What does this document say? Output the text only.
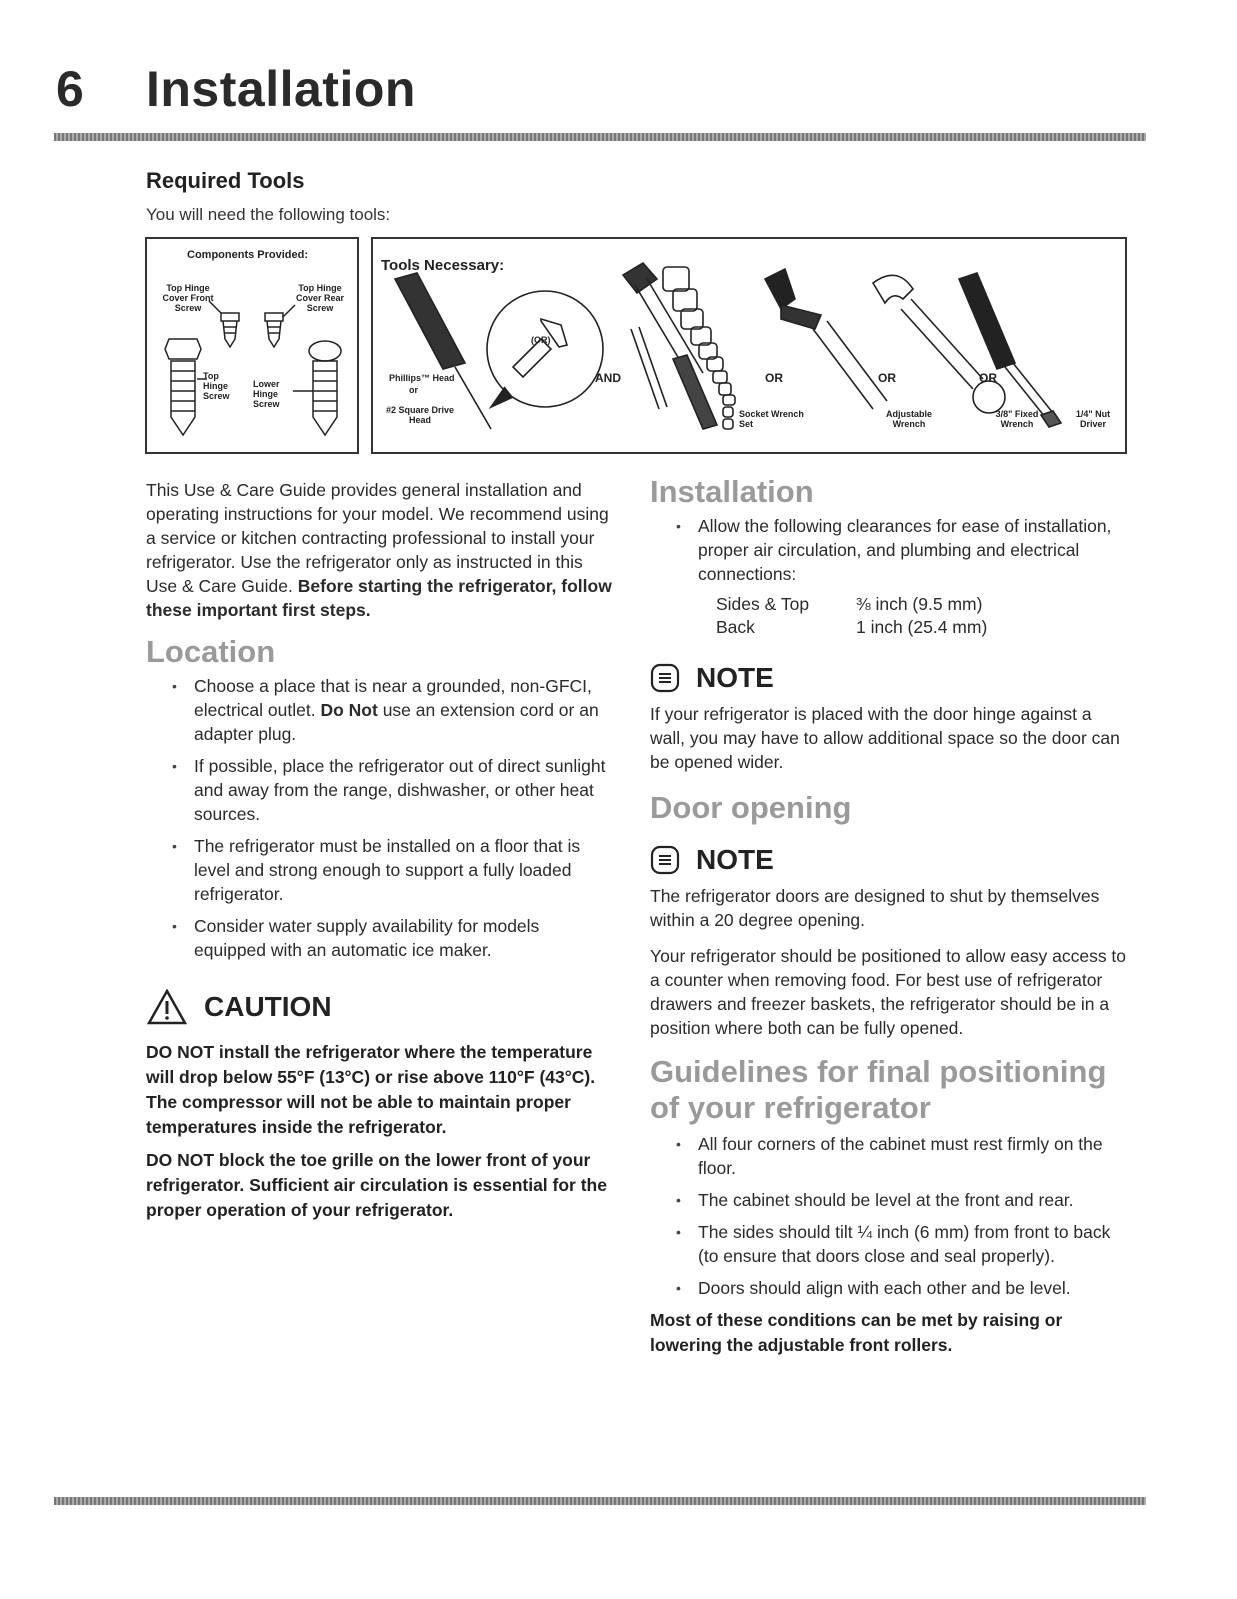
6 Installation
Required Tools
You will need the following tools:
Components Provided:
Top Hinge Cover Front Screw
Top Hinge Cover Rear Screw
Top Hinge Screw
Lower Hinge Screw
Tools Necessary:
Phillips™ Head
or
#2 Square Drive Head
(OR)
AND	OR	OR	OR
Socket Wrench Set
Adjustable Wrench
3/8" Fixed Wrench
1/4" Nut Driver
This Use & Care Guide provides general installation and operating instructions for your model. We recommend using a service or kitchen contracting professional to install your refrigerator. Use the refrigerator only as instructed in this Use & Care Guide. Before starting the refrigerator, follow these important first steps.
Location
• Choose a place that is near a grounded, non-GFCI, electrical outlet. Do Not use an extension cord or an adapter plug.
• If possible, place the refrigerator out of direct sunlight and away from the range, dishwasher, or other heat sources.
• The refrigerator must be installed on a floor that is level and strong enough to support a fully loaded refrigerator.
• Consider water supply availability for models equipped with an automatic ice maker.
CAUTION
DO NOT install the refrigerator where the temperature will drop below 55°F (13°C) or rise above 110°F (43°C). The compressor will not be able to maintain proper temperatures inside the refrigerator.
DO NOT block the toe grille on the lower front of your refrigerator. Sufficient air circulation is essential for the proper operation of your refrigerator.
Installation
• Allow the following clearances for ease of installation, proper air circulation, and plumbing and electrical connections:
Sides & Top	⅜ inch (9.5 mm)
Back	1 inch (25.4 mm)
NOTE
If your refrigerator is placed with the door hinge against a wall, you may have to allow additional space so the door can be opened wider.
Door opening
NOTE
The refrigerator doors are designed to shut by themselves within a 20 degree opening.
Your refrigerator should be positioned to allow easy access to a counter when removing food. For best use of refrigerator drawers and freezer baskets, the refrigerator should be in a position where both can be fully opened.
Guidelines for final positioning
of your refrigerator
• All four corners of the cabinet must rest firmly on the floor.
• The cabinet should be level at the front and rear.
• The sides should tilt ¼ inch (6 mm) from front to back (to ensure that doors close and seal properly).
• Doors should align with each other and be level.
Most of these conditions can be met by raising or lowering the adjustable front rollers.
